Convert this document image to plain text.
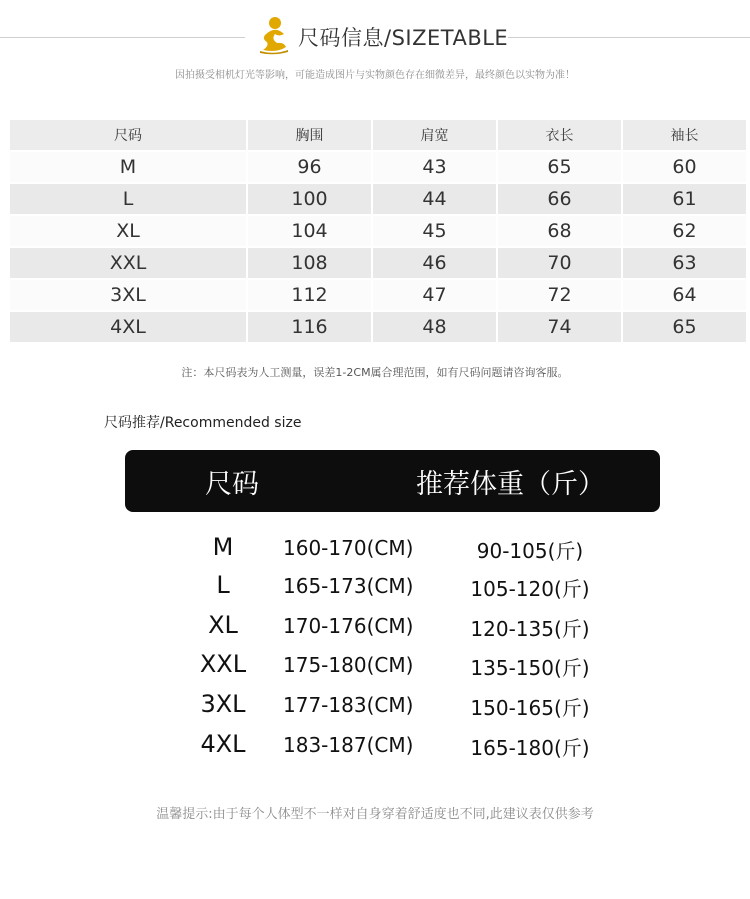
尺码信息/SIZETABLE
因拍摄受相机灯光等影响，可能造成图片与实物颜色存在细微差异，最终颜色以实物为准！
尺码	胸围	肩宽	衣长	袖长
M	96	43	65	60
L	100	44	66	61
XL	104	45	68	62
XXL	108	46	70	63
3XL	112	47	72	64
4XL	116	48	74	65
注：本尺码表为人工测量，误差1-2CM属合理范围，如有尺码问题请咨询客服。
尺码推荐/Recommended size
尺码	推荐体重（斤）
M	160-170(CM)	90-105(斤)
L	165-173(CM)	105-120(斤)
XL	170-176(CM)	120-135(斤)
XXL	175-180(CM)	135-150(斤)
3XL	177-183(CM)	150-165(斤)
4XL	183-187(CM)	165-180(斤)
温馨提示:由于每个人体型不一样对自身穿着舒适度也不同,此建议表仅供参考
